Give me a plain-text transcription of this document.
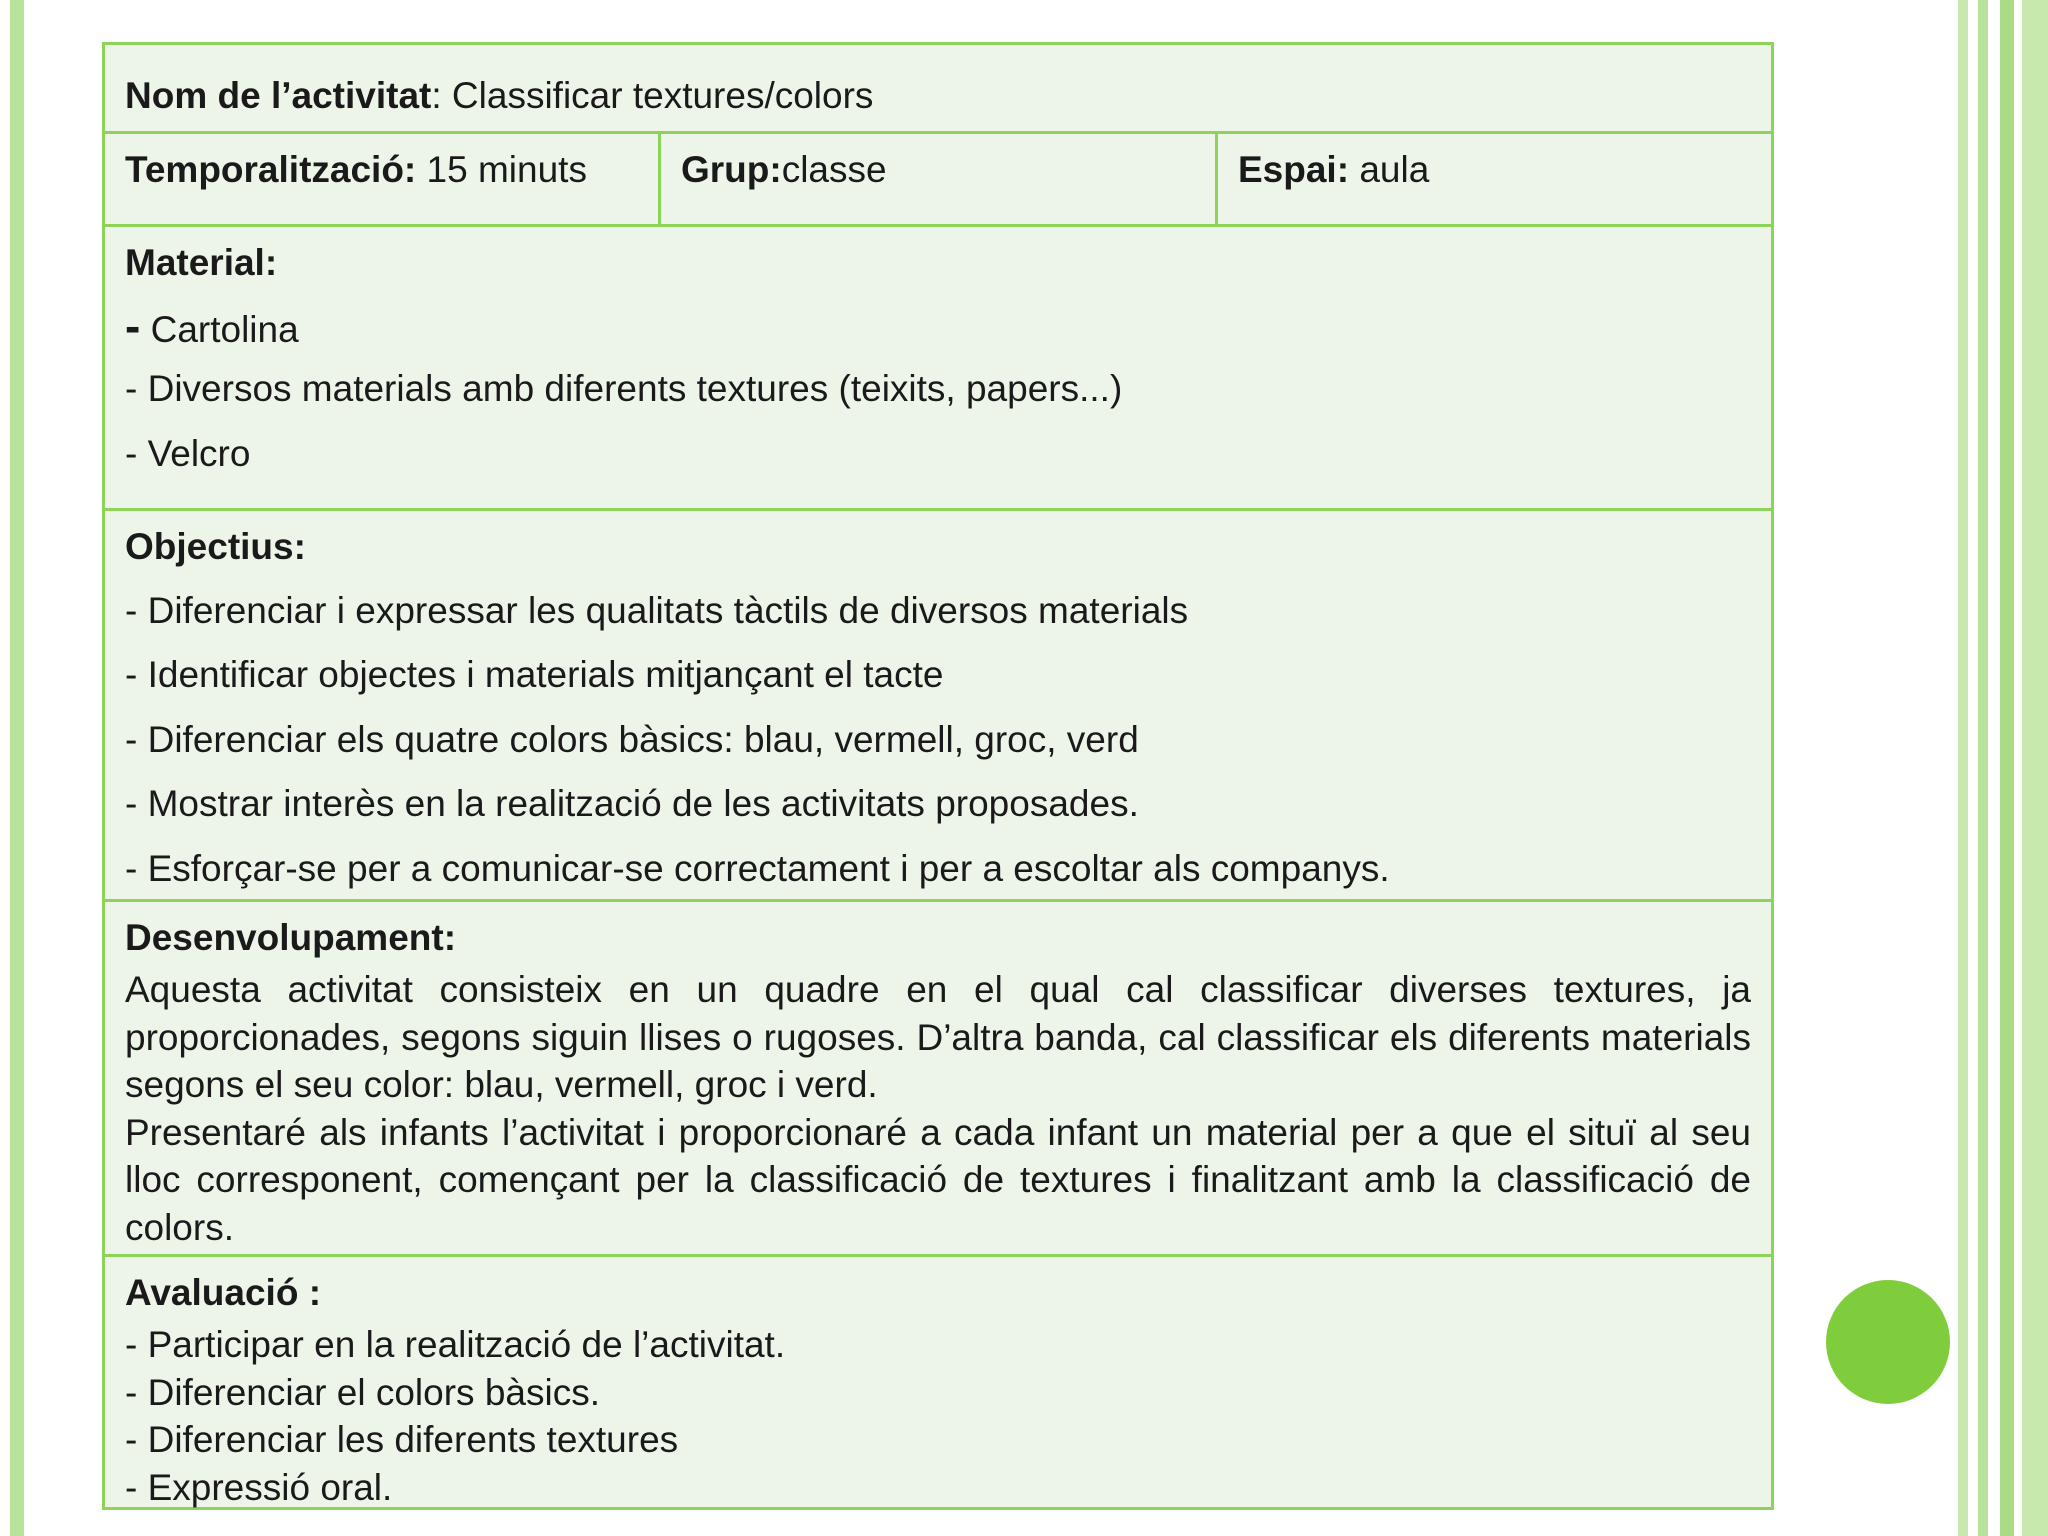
Nom de l’activitat: Classificar textures/colors
Temporalització: 15 minuts	Grup:classe	Espai: aula
Material:
- Cartolina
- Diversos materials amb diferents textures (teixits, papers...)
- Velcro
Objectius:
- Diferenciar i expressar les qualitats tàctils de diversos materials
- Identificar objectes i materials mitjançant el tacte
- Diferenciar els quatre colors bàsics: blau, vermell, groc, verd
- Mostrar interès en la realització de les activitats proposades.
- Esforçar-se per a comunicar-se correctament i per a escoltar als companys.
Desenvolupament:

Aquesta activitat consisteix en un quadre en el qual cal classificar diverses textures, ja proporcionades, segons siguin llises o rugoses. D’altra banda, cal classificar els diferents materials segons el seu color: blau, vermell, groc i verd.

Presentaré als infants l’activitat i proporcionaré a cada infant un material per a que el situï al seu lloc corresponent, començant per la classificació de textures i finalitzant amb la classificació de colors.

Avaluació :
- Participar en la realització de l’activitat.
- Diferenciar el colors bàsics.
- Diferenciar les diferents textures
- Expressió oral.
